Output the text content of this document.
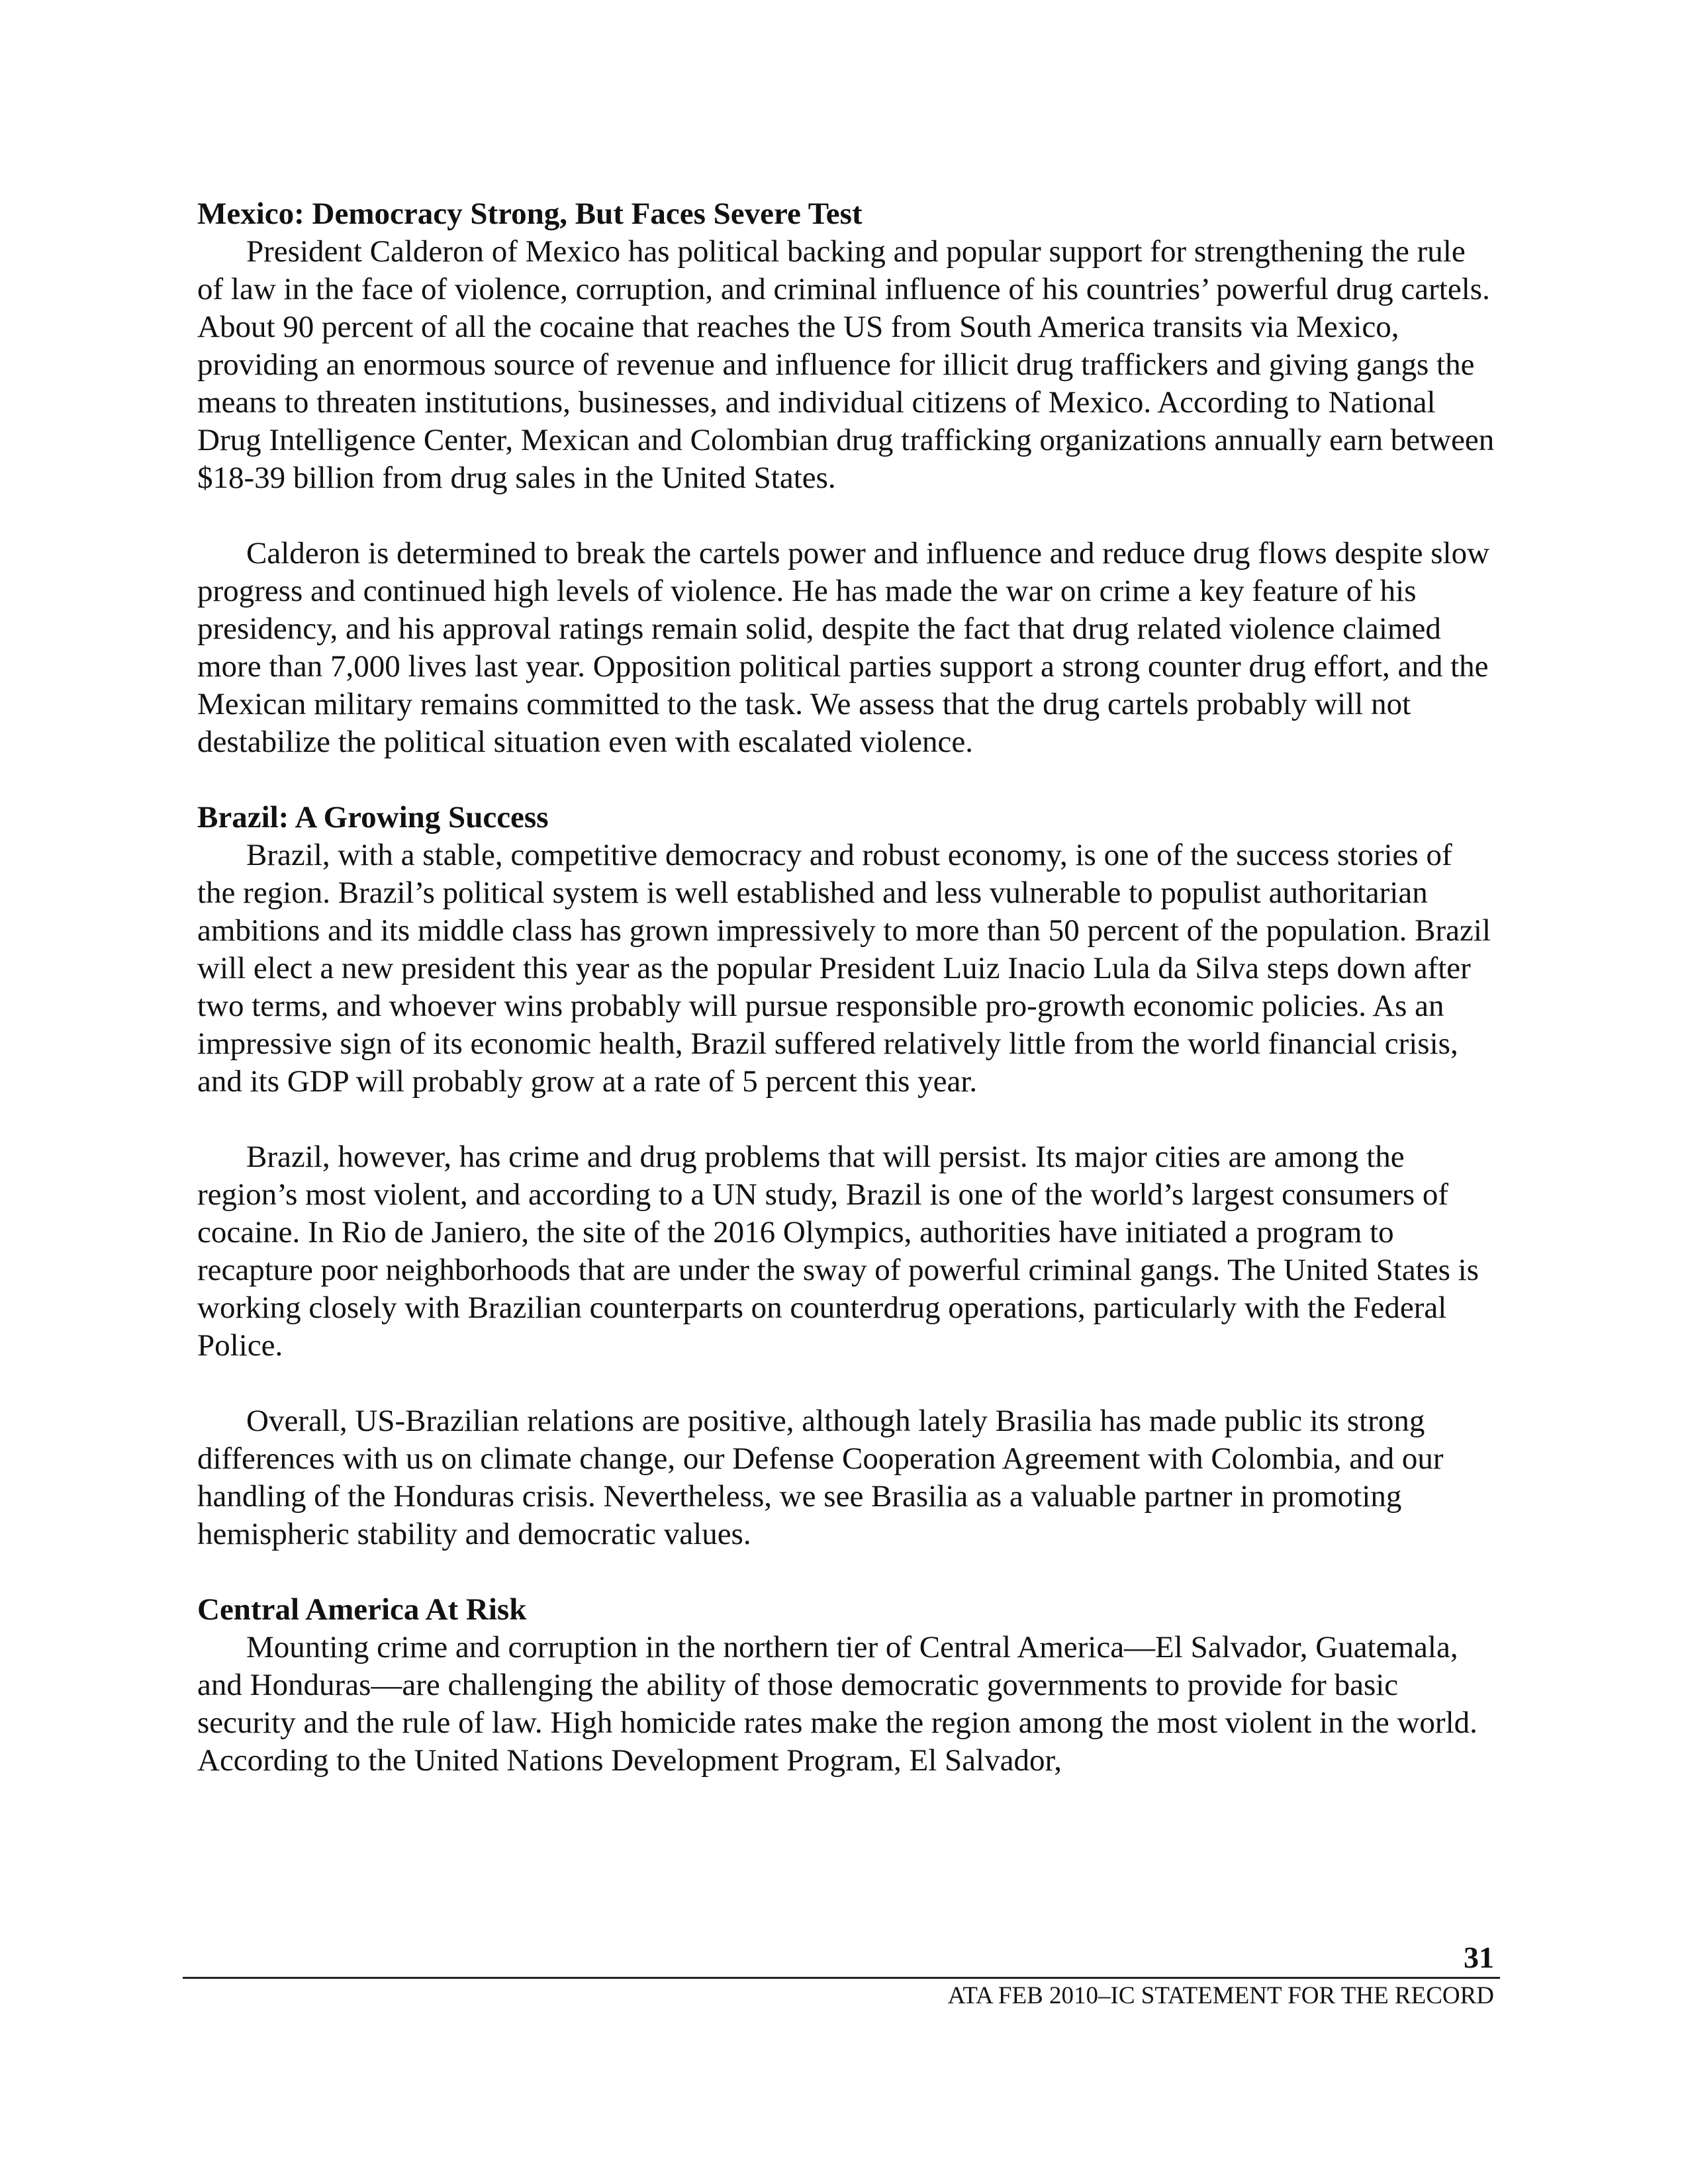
Mexico: Democracy Strong, But Faces Severe Test

President Calderon of Mexico has political backing and popular support for strengthening the rule of law in the face of violence, corruption, and criminal influence of his countries’ powerful drug cartels. About 90 percent of all the cocaine that reaches the US from South America transits via Mexico, providing an enormous source of revenue and influence for illicit drug traffickers and giving gangs the means to threaten institutions, businesses, and individual citizens of Mexico. According to National Drug Intelligence Center, Mexican and Colombian drug trafficking organizations annually earn between $18-39 billion from drug sales in the United States.

Calderon is determined to break the cartels power and influence and reduce drug flows despite slow progress and continued high levels of violence. He has made the war on crime a key feature of his presidency, and his approval ratings remain solid, despite the fact that drug related violence claimed more than 7,000 lives last year. Opposition political parties support a strong counter drug effort, and the Mexican military remains committed to the task. We assess that the drug cartels probably will not destabilize the political situation even with escalated violence.

Brazil: A Growing Success

Brazil, with a stable, competitive democracy and robust economy, is one of the success stories of the region. Brazil’s political system is well established and less vulnerable to populist authoritarian ambitions and its middle class has grown impressively to more than 50 percent of the population. Brazil will elect a new president this year as the popular President Luiz Inacio Lula da Silva steps down after two terms, and whoever wins probably will pursue responsible pro-growth economic policies. As an impressive sign of its economic health, Brazil suffered relatively little from the world financial crisis, and its GDP will probably grow at a rate of 5 percent this year.

Brazil, however, has crime and drug problems that will persist. Its major cities are among the region’s most violent, and according to a UN study, Brazil is one of the world’s largest consumers of cocaine. In Rio de Janiero, the site of the 2016 Olympics, authorities have initiated a program to recapture poor neighborhoods that are under the sway of powerful criminal gangs. The United States is working closely with Brazilian counterparts on counterdrug operations, particularly with the Federal Police.

Overall, US-Brazilian relations are positive, although lately Brasilia has made public its strong differences with us on climate change, our Defense Cooperation Agreement with Colombia, and our handling of the Honduras crisis. Nevertheless, we see Brasilia as a valuable partner in promoting hemispheric stability and democratic values.

Central America At Risk

Mounting crime and corruption in the northern tier of Central America—El Salvador, Guatemala, and Honduras—are challenging the ability of those democratic governments to provide for basic security and the rule of law. High homicide rates make the region among the most violent in the world. According to the United Nations Development Program, El Salvador,

31
ATA FEB 2010–IC STATEMENT FOR THE RECORD
